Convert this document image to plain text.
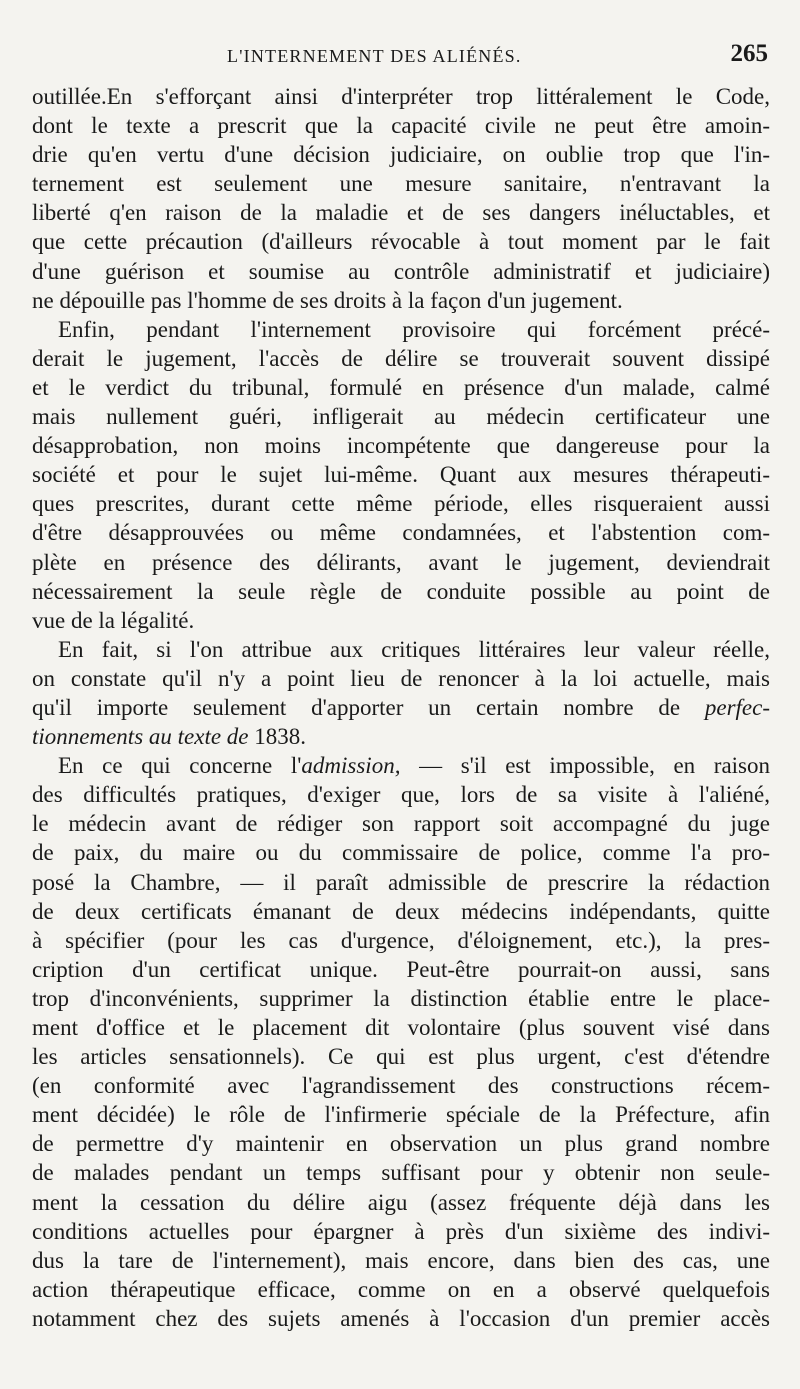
L'INTERNEMENT DES ALIÉNÉS.	265
outillée.En s'efforçant ainsi d'interpréter trop littéralement le Code,
dont le texte a prescrit que la capacité civile ne peut être amoin-
drie qu'en vertu d'une décision judiciaire, on oublie trop que l'in-
ternement est seulement une mesure sanitaire, n'entravant la
liberté q'en raison de la maladie et de ses dangers inéluctables, et
que cette précaution (d'ailleurs révocable à tout moment par le fait
d'une guérison et soumise au contrôle administratif et judiciaire)
ne dépouille pas l'homme de ses droits à la façon d'un jugement.
Enfin, pendant l'internement provisoire qui forcément précé-
derait le jugement, l'accès de délire se trouverait souvent dissipé
et le verdict du tribunal, formulé en présence d'un malade, calmé
mais nullement guéri, infligerait au médecin certificateur une
désapprobation, non moins incompétente que dangereuse pour la
société et pour le sujet lui-même. Quant aux mesures thérapeuti-
ques prescrites, durant cette même période, elles risqueraient aussi
d'être désapprouvées ou même condamnées, et l'abstention com-
plète en présence des délirants, avant le jugement, deviendrait
nécessairement la seule règle de conduite possible au point de
vue de la légalité.
En fait, si l'on attribue aux critiques littéraires leur valeur réelle,
on constate qu'il n'y a point lieu de renoncer à la loi actuelle, mais
qu'il importe seulement d'apporter un certain nombre de perfec-
tionnements au texte de 1838.
En ce qui concerne l'admission, — s'il est impossible, en raison
des difficultés pratiques, d'exiger que, lors de sa visite à l'aliéné,
le médecin avant de rédiger son rapport soit accompagné du juge
de paix, du maire ou du commissaire de police, comme l'a pro-
posé la Chambre, — il paraît admissible de prescrire la rédaction
de deux certificats émanant de deux médecins indépendants, quitte
à spécifier (pour les cas d'urgence, d'éloignement, etc.), la pres-
cription d'un certificat unique. Peut-être pourrait-on aussi, sans
trop d'inconvénients, supprimer la distinction établie entre le place-
ment d'office et le placement dit volontaire (plus souvent visé dans
les articles sensationnels). Ce qui est plus urgent, c'est d'étendre
(en conformité avec l'agrandissement des constructions récem-
ment décidée) le rôle de l'infirmerie spéciale de la Préfecture, afin
de permettre d'y maintenir en observation un plus grand nombre
de malades pendant un temps suffisant pour y obtenir non seule-
ment la cessation du délire aigu (assez fréquente déjà dans les
conditions actuelles pour épargner à près d'un sixième des indivi-
dus la tare de l'internement), mais encore, dans bien des cas, une
action thérapeutique efficace, comme on en a observé quelquefois
notamment chez des sujets amenés à l'occasion d'un premier accès
